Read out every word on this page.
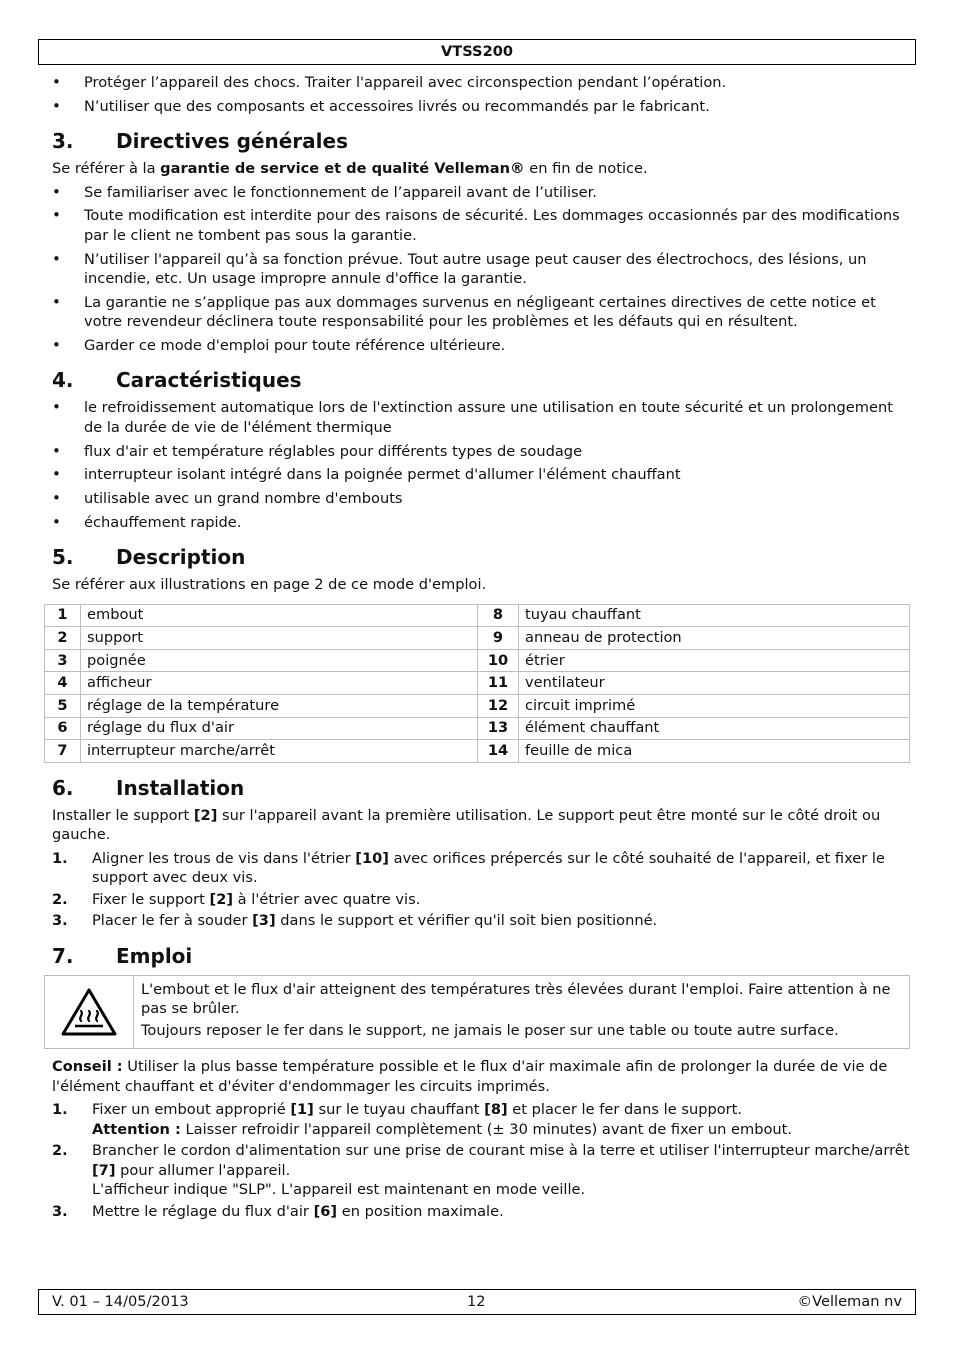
VTSS200
• Protéger l’appareil des chocs. Traiter l'appareil avec circonspection pendant l’opération.
• N’utiliser que des composants et accessoires livrés ou recommandés par le fabricant.
3.	Directives générales

Se référer à la garantie de service et de qualité Velleman® en fin de notice.

• Se familiariser avec le fonctionnement de l’appareil avant de l’utiliser.
• Toute modification est interdite pour des raisons de sécurité. Les dommages occasionnés par des modifications par le client ne tombent pas sous la garantie.
• N’utiliser l'appareil qu’à sa fonction prévue. Tout autre usage peut causer des électrochocs, des lésions, un incendie, etc. Un usage impropre annule d'office la garantie.
• La garantie ne s’applique pas aux dommages survenus en négligeant certaines directives de cette notice et votre revendeur déclinera toute responsabilité pour les problèmes et les défauts qui en résultent.
• Garder ce mode d'emploi pour toute référence ultérieure.
4.	Caractéristiques
• le refroidissement automatique lors de l'extinction assure une utilisation en toute sécurité et un prolongement de la durée de vie de l'élément thermique
• flux d'air et température réglables pour différents types de soudage
• interrupteur isolant intégré dans la poignée permet d'allumer l'élément chauffant
• utilisable avec un grand nombre d'embouts
• échauffement rapide.
5.	Description

Se référer aux illustrations en page 2 de ce mode d'emploi.

1	embout	8	tuyau chauffant
2	support	9	anneau de protection
3	poignée	10	étrier
4	afficheur	11	ventilateur
5	réglage de la température	12	circuit imprimé
6	réglage du flux d'air	13	élément chauffant
7	interrupteur marche/arrêt	14	feuille de mica
6.	Installation

Installer le support [2] sur l'appareil avant la première utilisation. Le support peut être monté sur le côté droit ou gauche.

1. Aligner les trous de vis dans l'étrier [10] avec orifices prépercés sur le côté souhaité de l'appareil, et fixer le support avec deux vis.
2. Fixer le support [2] à l'étrier avec quatre vis.
3. Placer le fer à souder [3] dans le support et vérifier qu'il soit bien positionné.
7.	Emploi

L'embout et le flux d'air atteignent des températures très élevées durant l'emploi. Faire attention à ne pas se brûler.

Toujours reposer le fer dans le support, ne jamais le poser sur une table ou toute autre surface.

Conseil : Utiliser la plus basse température possible et le flux d'air maximale afin de prolonger la durée de vie de l'élément chauffant et d'éviter d'endommager les circuits imprimés.

1. Fixer un embout approprié [1] sur le tuyau chauffant [8] et placer le fer dans le support.
Attention : Laisser refroidir l'appareil complètement (± 30 minutes) avant de fixer un embout.
2. Brancher le cordon d'alimentation sur une prise de courant mise à la terre et utiliser l'interrupteur marche/arrêt [7] pour allumer l'appareil.
L'afficheur indique "SLP". L'appareil est maintenant en mode veille.
3. Mettre le réglage du flux d'air [6] en position maximale.
V. 01 – 14/05/2013	12	©Velleman nv
